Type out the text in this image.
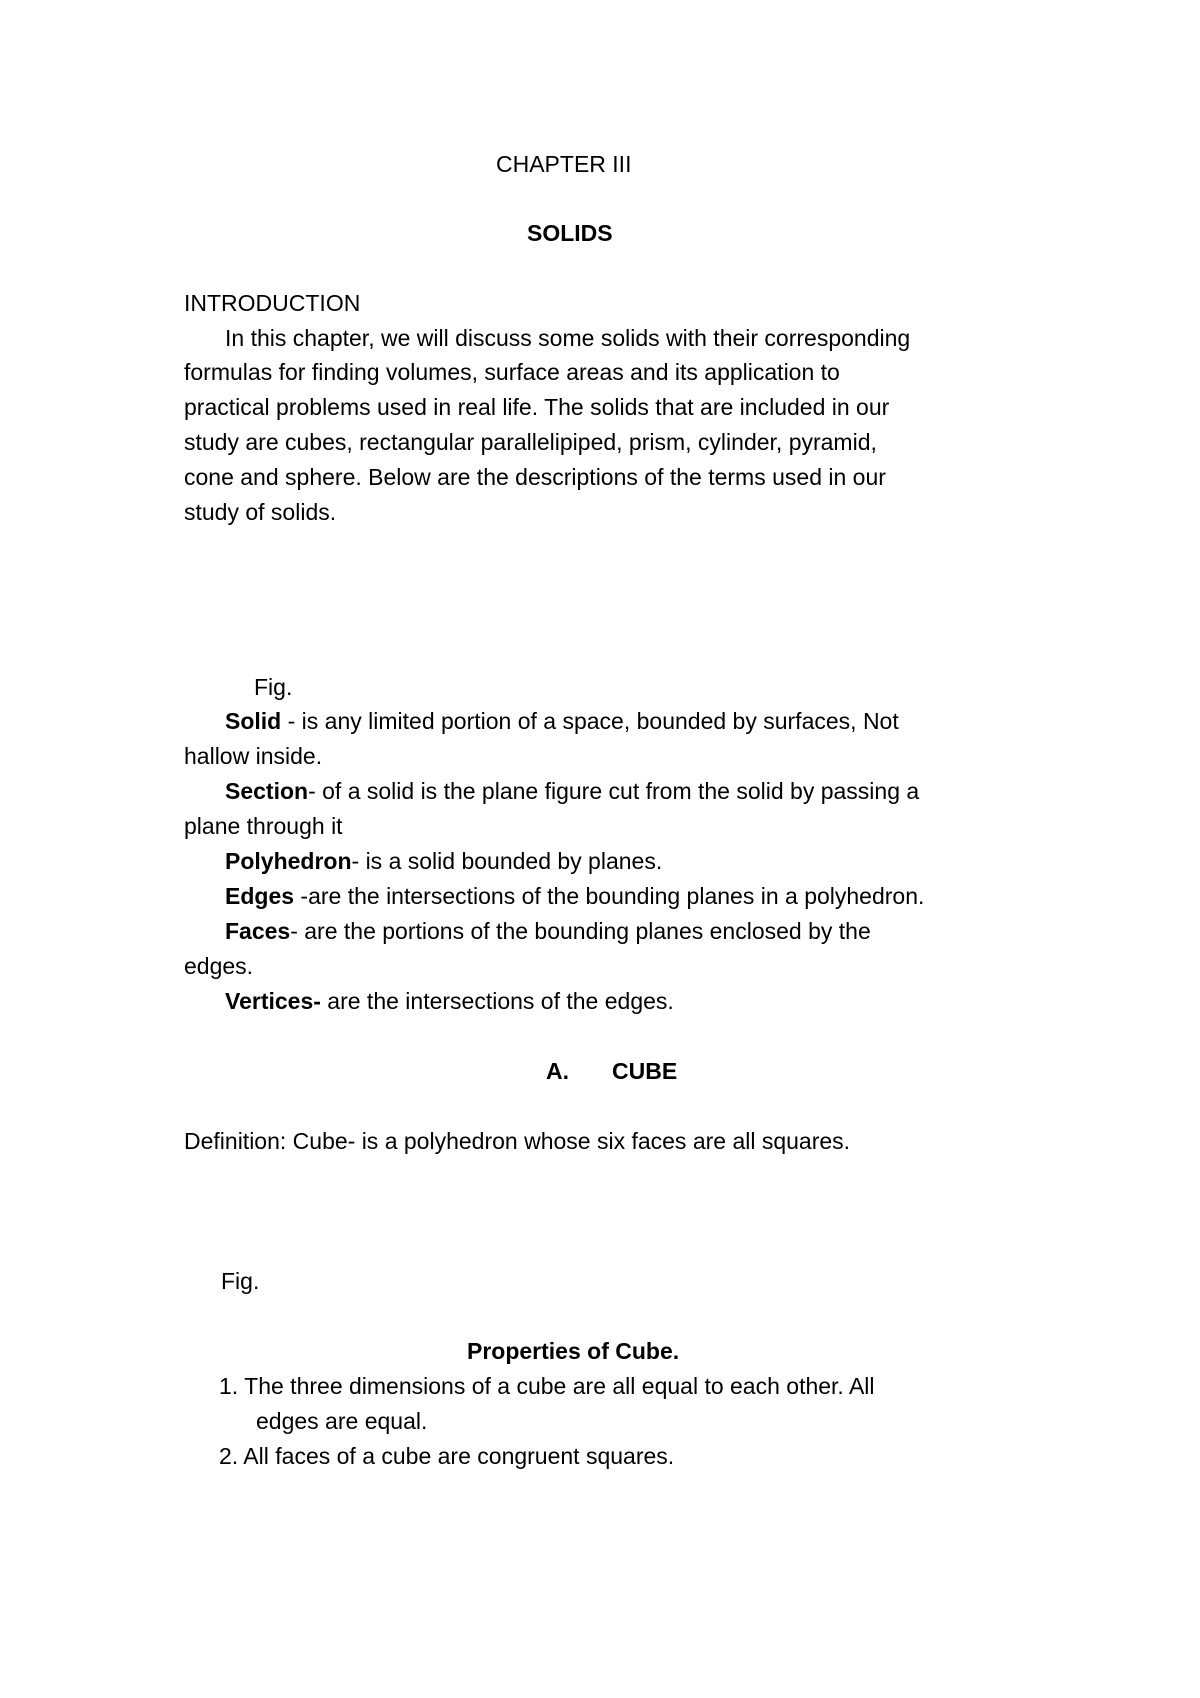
CHAPTER III
SOLIDS
INTRODUCTION
In this chapter, we will discuss some solids with their corresponding
formulas for finding volumes, surface areas and its application to
practical problems used in real life. The solids that are included in our
study are cubes, rectangular parallelipiped, prism, cylinder, pyramid,
cone and sphere. Below are the descriptions of the terms used in our
study of solids.
Fig.
Solid - is any limited portion of a space, bounded by surfaces, Not
hallow inside.
Section- of a solid is the plane figure cut from the solid by passing a
plane through it
Polyhedron- is a solid bounded by planes.
Edges -are the intersections of the bounding planes in a polyhedron.
Faces- are the portions of the bounding planes enclosed by the
edges.
Vertices- are the intersections of the edges.
A. CUBE
Definition: Cube- is a polyhedron whose six faces are all squares.
Fig.
Properties of Cube.
1. The three dimensions of a cube are all equal to each other. All
edges are equal.
2. All faces of a cube are congruent squares.
